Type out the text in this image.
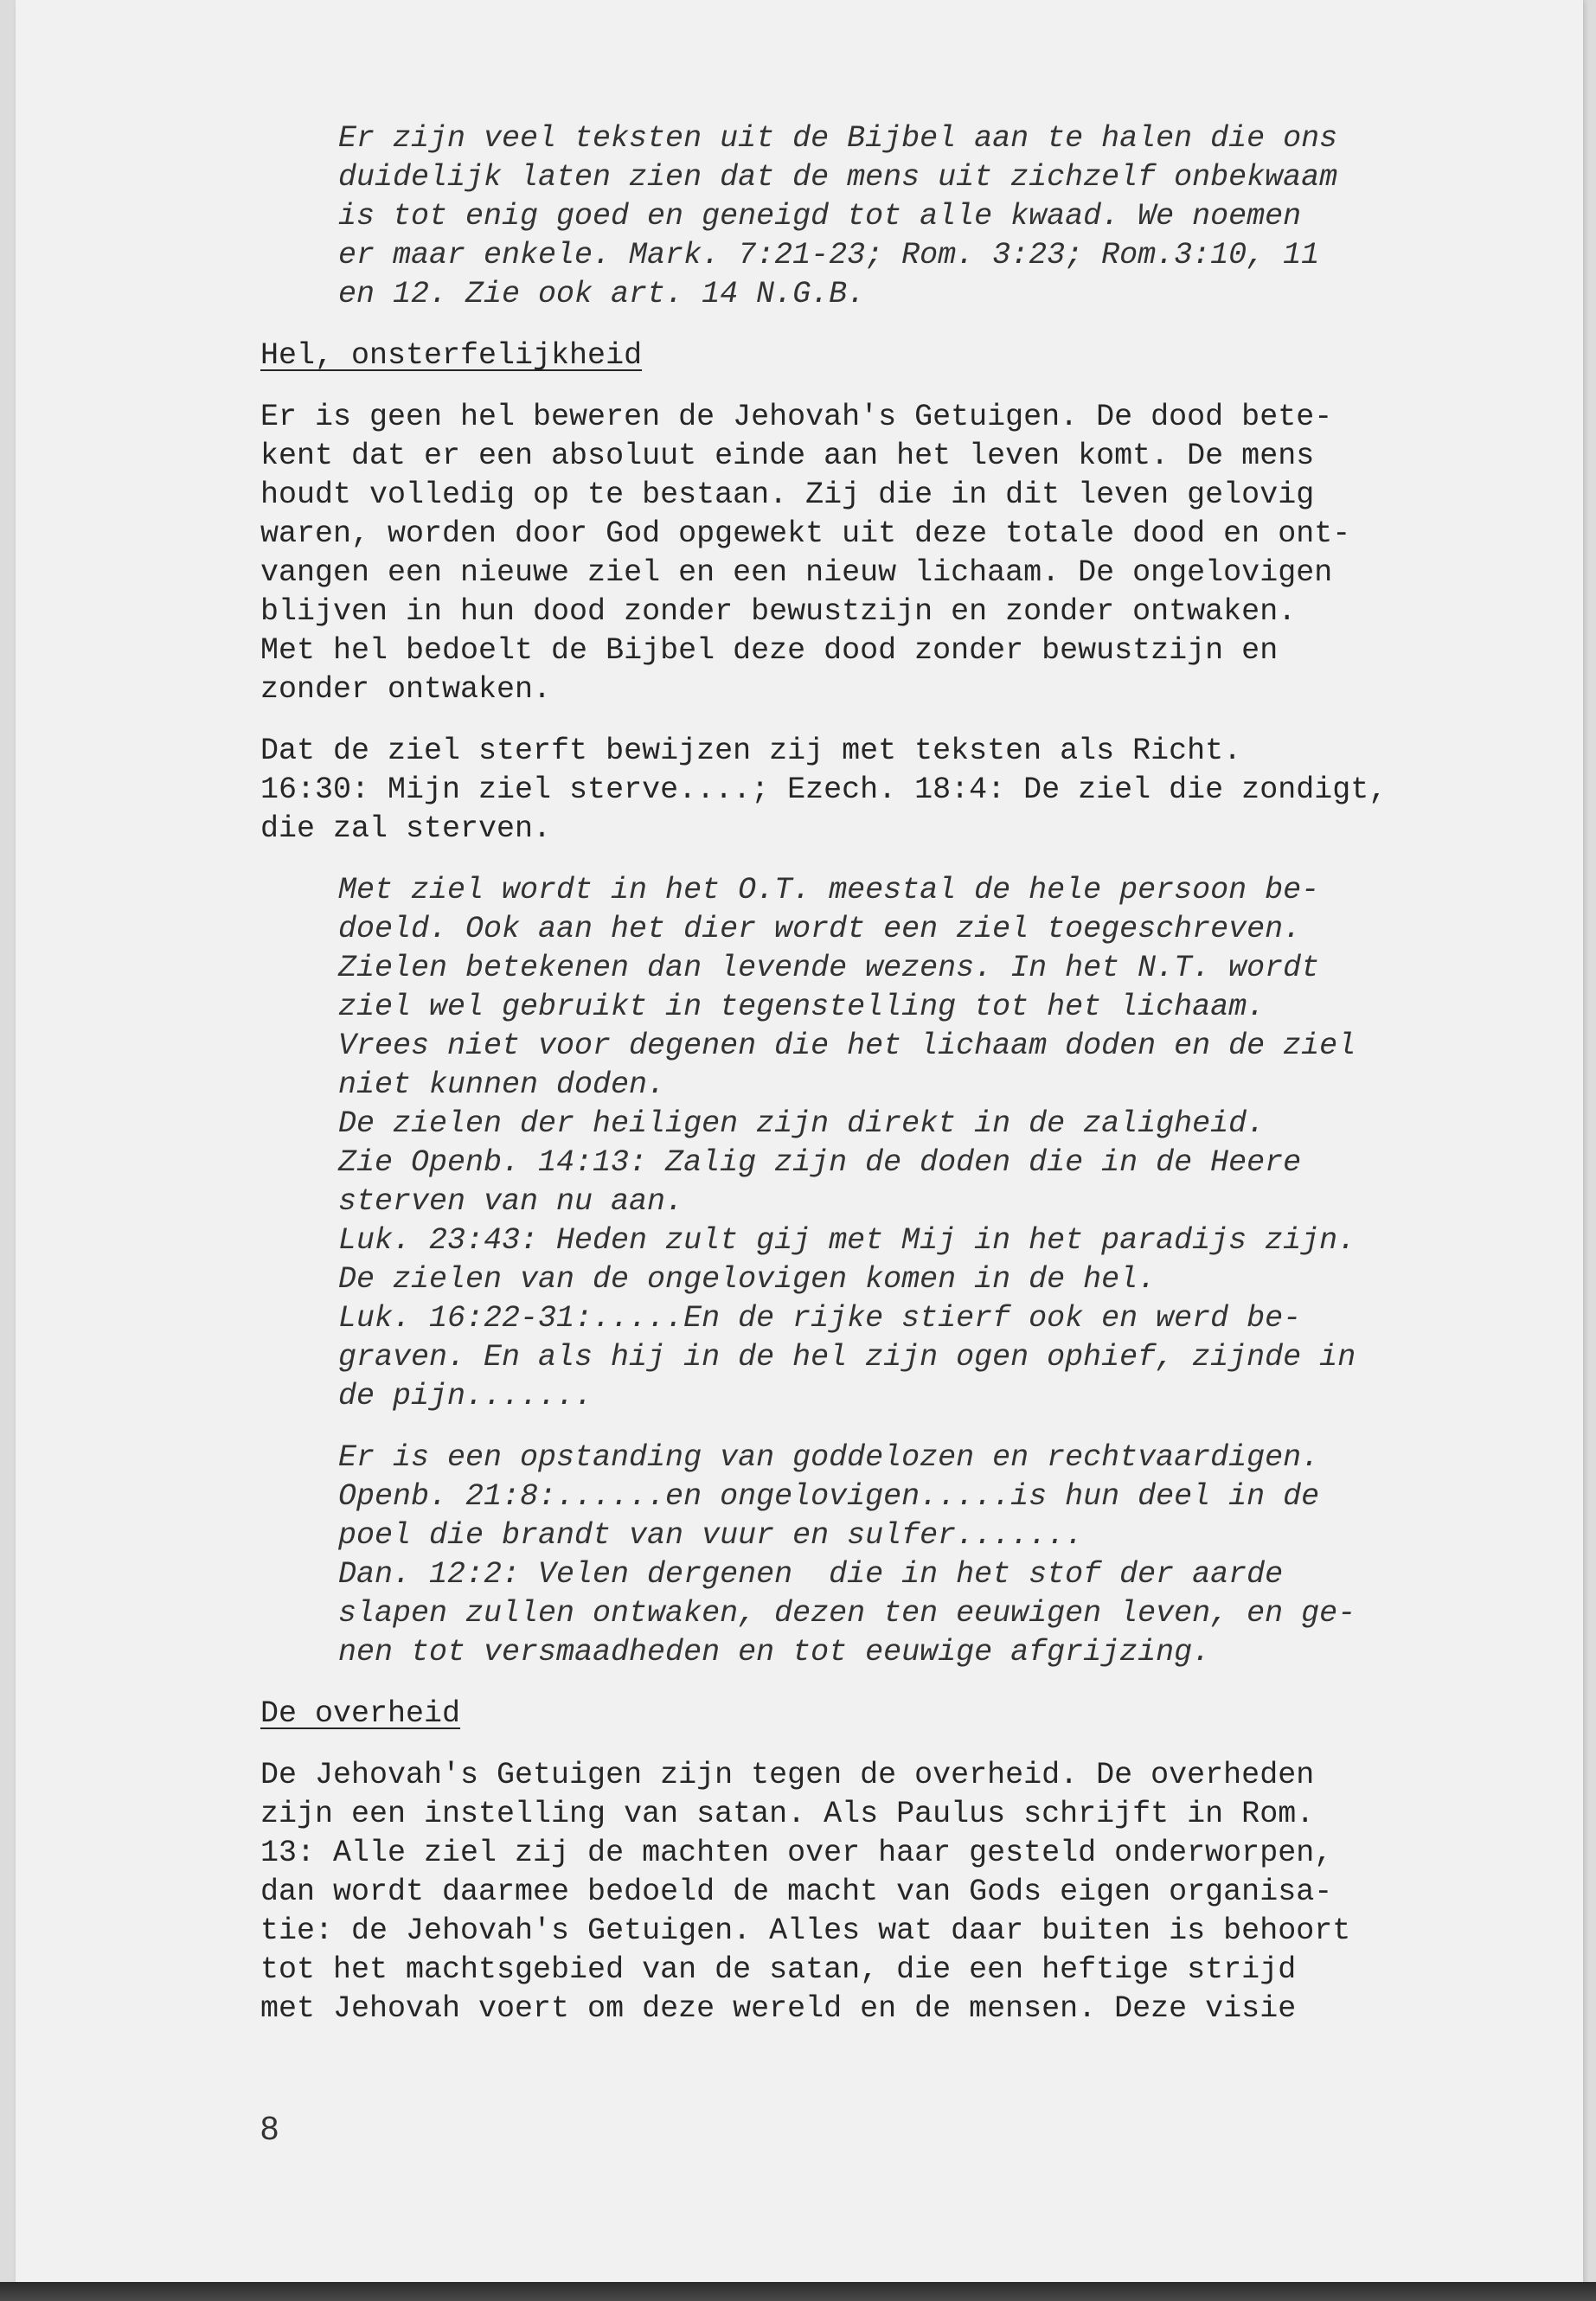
Er zijn veel teksten uit de Bijbel aan te halen die ons
duidelijk laten zien dat de mens uit zichzelf onbekwaam
is tot enig goed en geneigd tot alle kwaad. We noemen
er maar enkele. Mark. 7:21-23; Rom. 3:23; Rom.3:10, 11
en 12. Zie ook art. 14 N.G.B.

Hel, onsterfelijkheid

Er is geen hel beweren de Jehovah's Getuigen. De dood bete-
kent dat er een absoluut einde aan het leven komt. De mens
houdt volledig op te bestaan. Zij die in dit leven gelovig
waren, worden door God opgewekt uit deze totale dood en ont-
vangen een nieuwe ziel en een nieuw lichaam. De ongelovigen
blijven in hun dood zonder bewustzijn en zonder ontwaken.
Met hel bedoelt de Bijbel deze dood zonder bewustzijn en
zonder ontwaken.
Dat de ziel sterft bewijzen zij met teksten als Richt.
16:30: Mijn ziel sterve....; Ezech. 18:4: De ziel die zondigt,
die zal sterven.
Met ziel wordt in het O.T. meestal de hele persoon be-
doeld. Ook aan het dier wordt een ziel toegeschreven.
Zielen betekenen dan levende wezens. In het N.T. wordt
ziel wel gebruikt in tegenstelling tot het lichaam.
Vrees niet voor degenen die het lichaam doden en de ziel
niet kunnen doden.
De zielen der heiligen zijn direkt in de zaligheid.
Zie Openb. 14:13: Zalig zijn de doden die in de Heere
sterven van nu aan.
Luk. 23:43: Heden zult gij met Mij in het paradijs zijn.
De zielen van de ongelovigen komen in de hel.
Luk. 16:22-31:.....En de rijke stierf ook en werd be-
graven. En als hij in de hel zijn ogen ophief, zijnde in
de pijn.......
Er is een opstanding van goddelozen en rechtvaardigen.
Openb. 21:8:......en ongelovigen.....is hun deel in de
poel die brandt van vuur en sulfer.......
Dan. 12:2: Velen dergenen  die in het stof der aarde
slapen zullen ontwaken, dezen ten eeuwigen leven, en ge-
nen tot versmaadheden en tot eeuwige afgrijzing.

De overheid

De Jehovah's Getuigen zijn tegen de overheid. De overheden
zijn een instelling van satan. Als Paulus schrijft in Rom.
13: Alle ziel zij de machten over haar gesteld onderworpen,
dan wordt daarmee bedoeld de macht van Gods eigen organisa-
tie: de Jehovah's Getuigen. Alles wat daar buiten is behoort
tot het machtsgebied van de satan, die een heftige strijd
met Jehovah voert om deze wereld en de mensen. Deze visie
8
